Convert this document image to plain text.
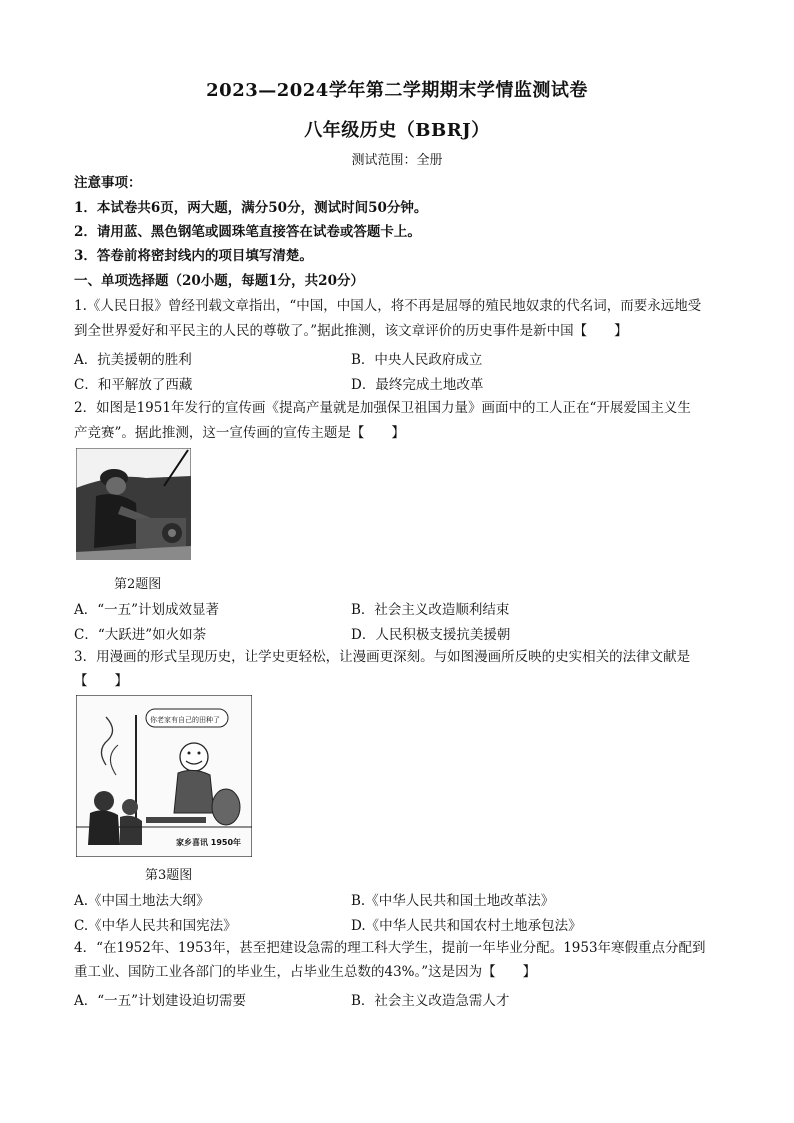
2023—2024学年第二学期期末学情监测试卷
八年级历史（BBRJ）
测试范围：全册
注意事项：
1．本试卷共6页，两大题，满分50分，测试时间50分钟。
2．请用蓝、黑色钢笔或圆珠笔直接答在试卷或答题卡上。
3．答卷前将密封线内的项目填写清楚。
一、单项选择题（20小题，每题1分，共20分）
1.《人民日报》曾经刊载文章指出，“中国，中国人，将不再是屈辱的殖民地奴隶的代名词，而要永远地受
到全世界爱好和平民主的人民的尊敬了。”据此推测，该文章评价的历史事件是新中国【　　】
A．抗美援朝的胜利	B．中央人民政府成立
C．和平解放了西藏	D．最终完成土地改革
2．如图是1951年发行的宣传画《提高产量就是加强保卫祖国力量》画面中的工人正在“开展爱国主义生
产竞赛”。据此推测，这一宣传画的宣传主题是【　　】
第2题图
A．“一五”计划成效显著	B．社会主义改造顺利结束
C．“大跃进”如火如荼	D．人民积极支援抗美援朝
3．用漫画的形式呈现历史，让学史更轻松，让漫画更深刻。与如图漫画所反映的史实相关的法律文献是
【　　】
你老家有自己的田种了
家乡喜讯 1950年
第3题图
A.《中国土地法大纲》	B.《中华人民共和国土地改革法》
C.《中华人民共和国宪法》	D.《中华人民共和国农村土地承包法》
4．“在1952年、1953年，甚至把建设急需的理工科大学生，提前一年毕业分配。1953年寒假重点分配到
重工业、国防工业各部门的毕业生，占毕业生总数的43%。”这是因为【　　】
A．“一五”计划建设迫切需要	B．社会主义改造急需人才
